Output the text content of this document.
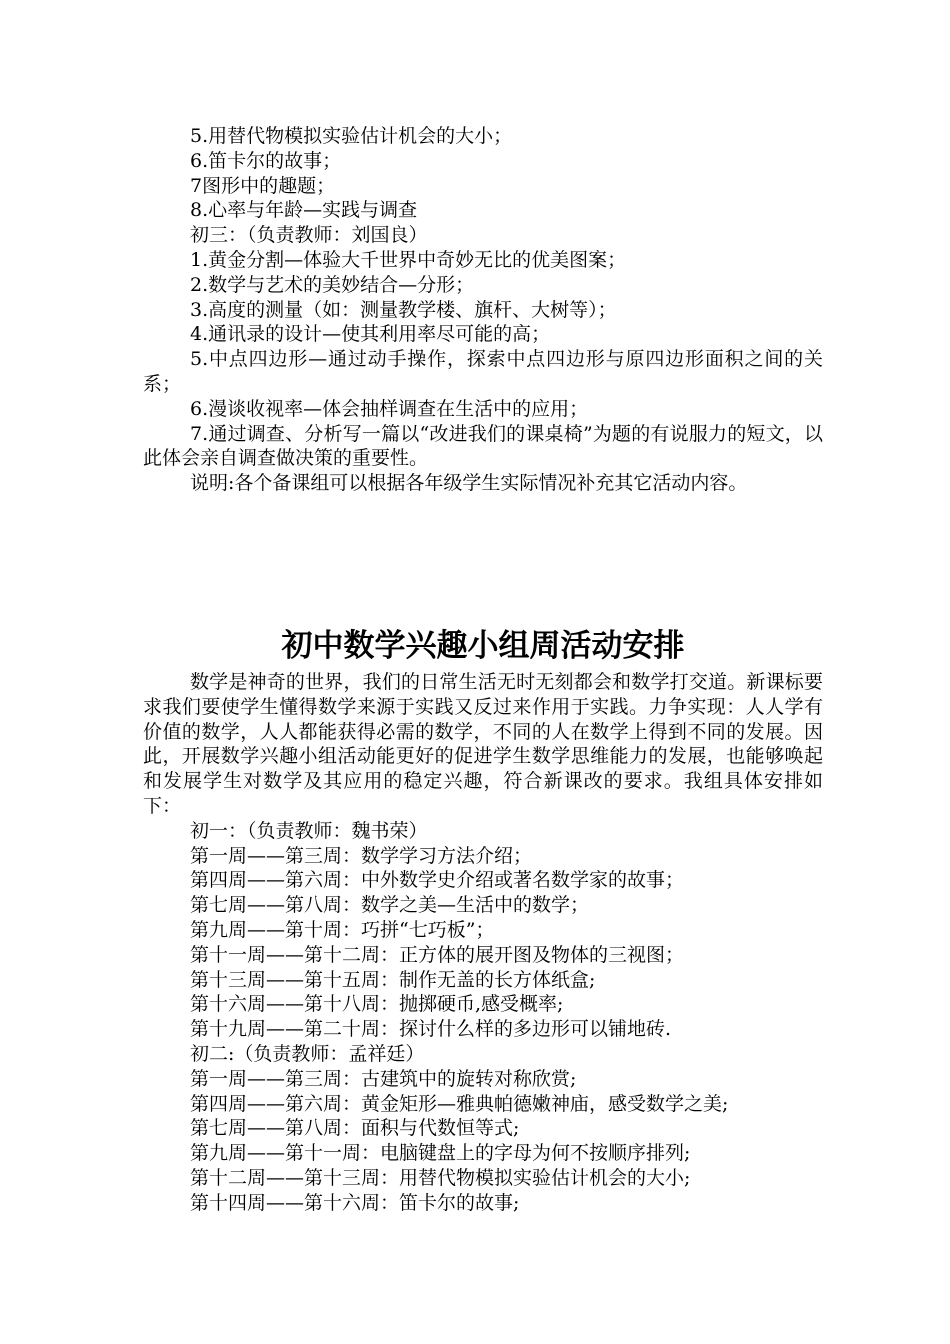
5.用替代物模拟实验估计机会的大小；

6.笛卡尔的故事；

7图形中的趣题；

8.心率与年龄—实践与调查

初三：（负责教师：刘国良）

1.黄金分割—体验大千世界中奇妙无比的优美图案；

2.数学与艺术的美妙结合—分形；

3.高度的测量（如：测量教学楼、旗杆、大树等）；

4.通讯录的设计—使其利用率尽可能的高；

5.中点四边形—通过动手操作，探索中点四边形与原四边形面积之间的关系；

6.漫谈收视率—体会抽样调查在生活中的应用；

7.通过调查、分析写一篇以“改进我们的课桌椅”为题的有说服力的短文，以此体会亲自调查做决策的重要性。

说明:各个备课组可以根据各年级学生实际情况补充其它活动内容。

初中数学兴趣小组周活动安排

数学是神奇的世界，我们的日常生活无时无刻都会和数学打交道。新课标要求我们要使学生懂得数学来源于实践又反过来作用于实践。力争实现：人人学有价值的数学，人人都能获得必需的数学，不同的人在数学上得到不同的发展。因此，开展数学兴趣小组活动能更好的促进学生数学思维能力的发展，也能够唤起和发展学生对数学及其应用的稳定兴趣，符合新课改的要求。我组具体安排如下：

初一：（负责教师：魏书荣）

第一周——第三周：数学学习方法介绍；

第四周——第六周：中外数学史介绍或著名数学家的故事；

第七周——第八周：数学之美—生活中的数学；

第九周——第十周：巧拼“七巧板”；

第十一周——第十二周：正方体的展开图及物体的三视图；

第十三周——第十五周：制作无盖的长方体纸盒;

第十六周——第十八周：抛掷硬币,感受概率;

第十九周——第二十周：探讨什么样的多边形可以铺地砖.

初二:（负责教师：孟祥廷）

第一周——第三周：古建筑中的旋转对称欣赏;

第四周——第六周：黄金矩形—雅典帕德嫩神庙，感受数学之美;

第七周——第八周：面积与代数恒等式;

第九周——第十一周：电脑键盘上的字母为何不按顺序排列;

第十二周——第十三周：用替代物模拟实验估计机会的大小;

第十四周——第十六周：笛卡尔的故事;
